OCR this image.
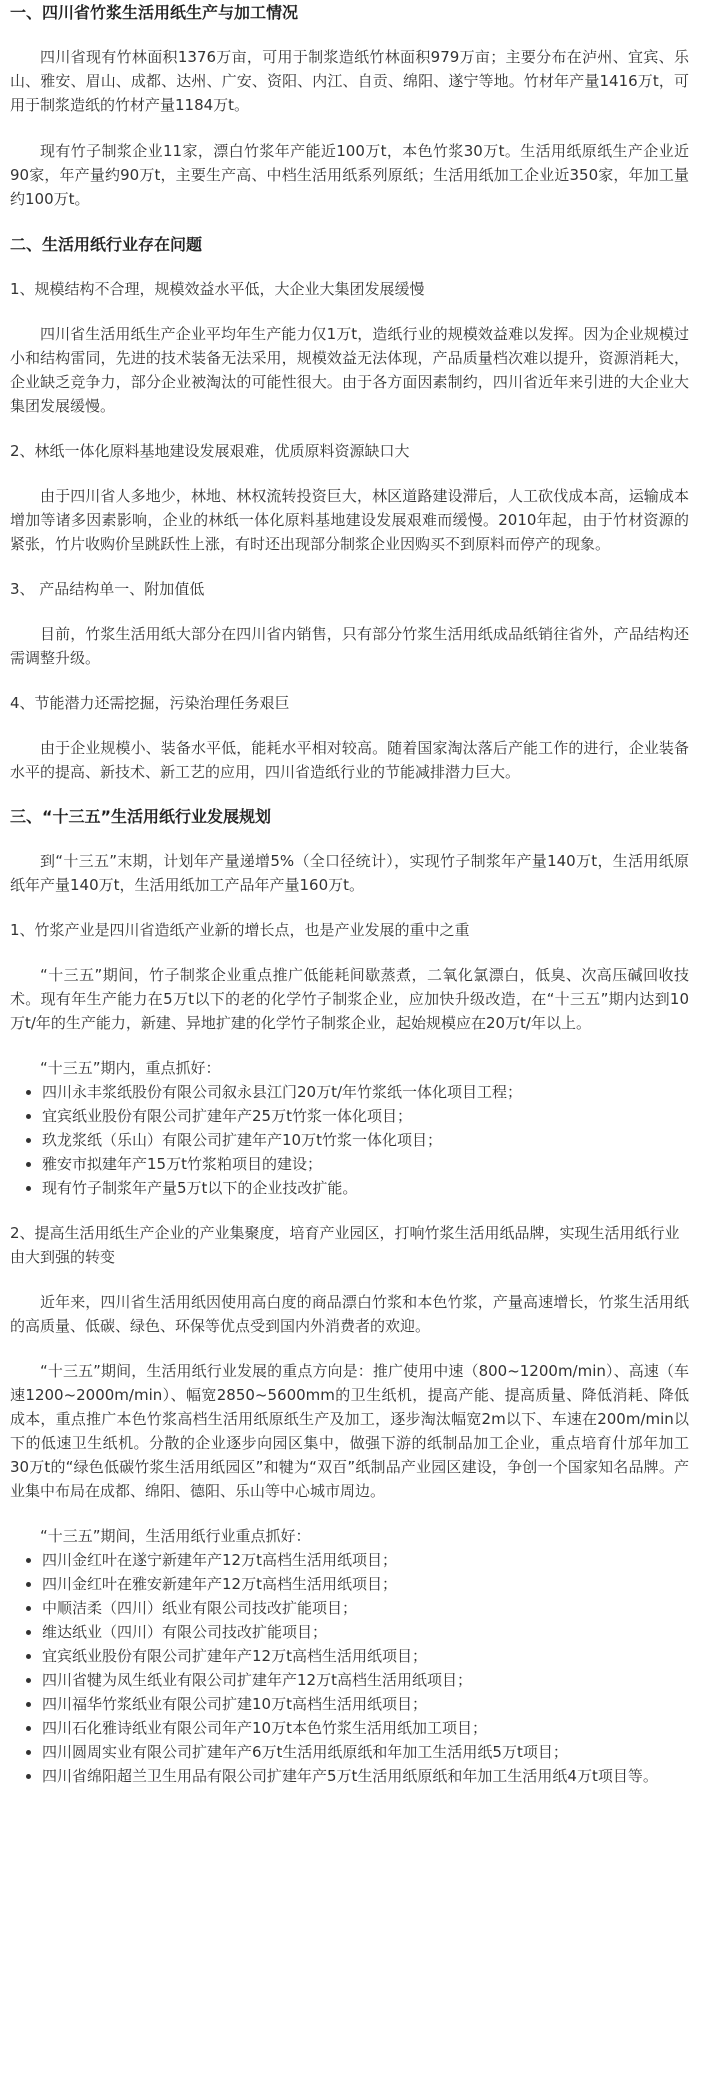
一、四川省竹浆生活用纸生产与加工情况

四川省现有竹林面积1376万亩，可用于制浆造纸竹林面积979万亩；主要分布在泸州、宜宾、乐山、雅安、眉山、成都、达州、广安、资阳、内江、自贡、绵阳、遂宁等地。竹材年产量1416万t，可用于制浆造纸的竹材产量1184万t。

现有竹子制浆企业11家，漂白竹浆年产能近100万t，本色竹浆30万t。生活用纸原纸生产企业近90家，年产量约90万t，主要生产高、中档生活用纸系列原纸；生活用纸加工企业近350家，年加工量约100万t。

二、生活用纸行业存在问题

1、规模结构不合理，规模效益水平低，大企业大集团发展缓慢

四川省生活用纸生产企业平均年生产能力仅1万t，造纸行业的规模效益难以发挥。因为企业规模过小和结构雷同，先进的技术装备无法采用，规模效益无法体现，产品质量档次难以提升，资源消耗大，企业缺乏竞争力，部分企业被淘汰的可能性很大。由于各方面因素制约，四川省近年来引进的大企业大集团发展缓慢。

2、林纸一体化原料基地建设发展艰难，优质原料资源缺口大

由于四川省人多地少，林地、林权流转投资巨大，林区道路建设滞后，人工砍伐成本高，运输成本增加等诸多因素影响，企业的林纸一体化原料基地建设发展艰难而缓慢。2010年起，由于竹材资源的紧张，竹片收购价呈跳跃性上涨，有时还出现部分制浆企业因购买不到原料而停产的现象。

3、 产品结构单一、附加值低

目前，竹浆生活用纸大部分在四川省内销售，只有部分竹浆生活用纸成品纸销往省外，产品结构还需调整升级。

4、节能潜力还需挖掘，污染治理任务艰巨

由于企业规模小、装备水平低，能耗水平相对较高。随着国家淘汰落后产能工作的进行，企业装备水平的提高、新技术、新工艺的应用，四川省造纸行业的节能减排潜力巨大。

三、“十三五”生活用纸行业发展规划

到“十三五”末期，计划年产量递增5%（全口径统计），实现竹子制浆年产量140万t，生活用纸原纸年产量140万t，生活用纸加工产品年产量160万t。

1、竹浆产业是四川省造纸产业新的增长点，也是产业发展的重中之重

“十三五”期间，竹子制浆企业重点推广低能耗间歇蒸煮，二氧化氯漂白，低臭、次高压碱回收技术。现有年生产能力在5万t以下的老的化学竹子制浆企业，应加快升级改造，在“十三五”期内达到10万t/年的生产能力，新建、异地扩建的化学竹子制浆企业，起始规模应在20万t/年以上。

“十三五”期内，重点抓好：

• 四川永丰浆纸股份有限公司叙永县江门20万t/年竹浆纸一体化项目工程；
• 宜宾纸业股份有限公司扩建年产25万t竹浆一体化项目；
• 玖龙浆纸（乐山）有限公司扩建年产10万t竹浆一体化项目；
• 雅安市拟建年产15万t竹浆粕项目的建设；
• 现有竹子制浆年产量5万t以下的企业技改扩能。

2、提高生活用纸生产企业的产业集聚度，培育产业园区，打响竹浆生活用纸品牌，实现生活用纸行业由大到强的转变

近年来，四川省生活用纸因使用高白度的商品漂白竹浆和本色竹浆，产量高速增长，竹浆生活用纸的高质量、低碳、绿色、环保等优点受到国内外消费者的欢迎。

“十三五”期间，生活用纸行业发展的重点方向是：推广使用中速（800~1200m/min）、高速（车速1200~2000m/min）、幅宽2850~5600mm的卫生纸机，提高产能、提高质量、降低消耗、降低成本，重点推广本色竹浆高档生活用纸原纸生产及加工，逐步淘汰幅宽2m以下、车速在200m/min以下的低速卫生纸机。分散的企业逐步向园区集中，做强下游的纸制品加工企业，重点培育什邡年加工30万t的“绿色低碳竹浆生活用纸园区”和犍为“双百”纸制品产业园区建设，争创一个国家知名品牌。产业集中布局在成都、绵阳、德阳、乐山等中心城市周边。

“十三五”期间，生活用纸行业重点抓好：

• 四川金红叶在遂宁新建年产12万t高档生活用纸项目；
• 四川金红叶在雅安新建年产12万t高档生活用纸项目；
• 中顺洁柔（四川）纸业有限公司技改扩能项目；
• 维达纸业（四川）有限公司技改扩能项目；
• 宜宾纸业股份有限公司扩建年产12万t高档生活用纸项目；
• 四川省犍为凤生纸业有限公司扩建年产12万t高档生活用纸项目；
• 四川福华竹浆纸业有限公司扩建10万t高档生活用纸项目；
• 四川石化雅诗纸业有限公司年产10万t本色竹浆生活用纸加工项目；
• 四川圆周实业有限公司扩建年产6万t生活用纸原纸和年加工生活用纸5万t项目；
• 四川省绵阳超兰卫生用品有限公司扩建年产5万t生活用纸原纸和年加工生活用纸4万t项目等。
